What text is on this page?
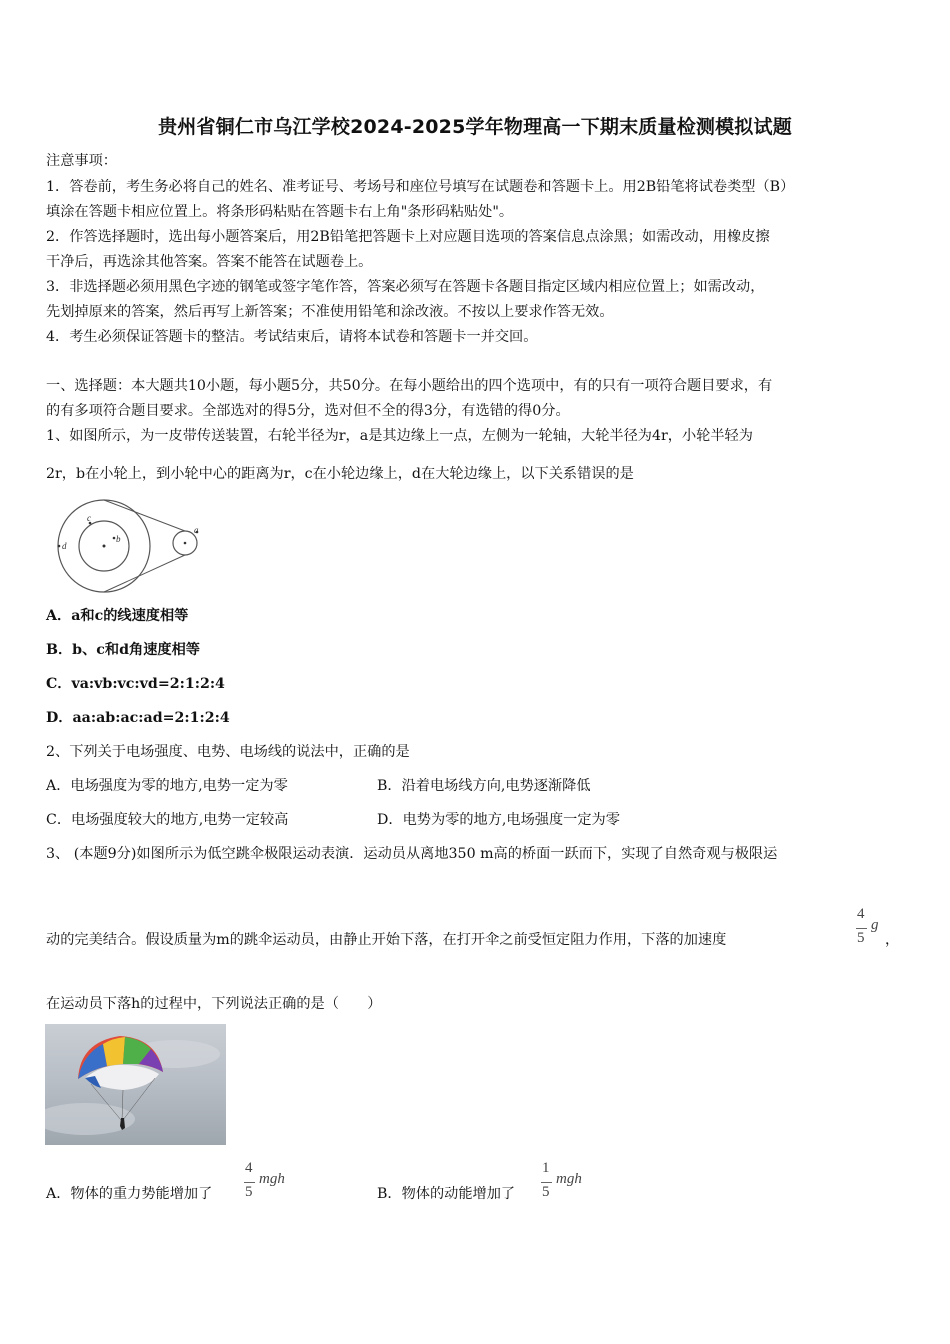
贵州省铜仁市乌江学校2024-2025学年物理高一下期末质量检测模拟试题
注意事项：
1．答卷前，考生务必将自己的姓名、准考证号、考场号和座位号填写在试题卷和答题卡上。用2B铅笔将试卷类型（B）
填涂在答题卡相应位置上。将条形码粘贴在答题卡右上角"条形码粘贴处"。
2．作答选择题时，选出每小题答案后，用2B铅笔把答题卡上对应题目选项的答案信息点涂黑；如需改动，用橡皮擦
干净后，再选涂其他答案。答案不能答在试题卷上。
3．非选择题必须用黑色字迹的钢笔或签字笔作答，答案必须写在答题卡各题目指定区域内相应位置上；如需改动，
先划掉原来的答案，然后再写上新答案；不准使用铅笔和涂改液。不按以上要求作答无效。
4．考生必须保证答题卡的整洁。考试结束后，请将本试卷和答题卡一并交回。
一、选择题：本大题共10小题，每小题5分，共50分。在每小题给出的四个选项中，有的只有一项符合题目要求，有
的有多项符合题目要求。全部选对的得5分，选对但不全的得3分，有选错的得0分。
1、如图所示，为一皮带传送装置，右轮半径为r，a是其边缘上一点，左侧为一轮轴，大轮半径为4r，小轮半轻为
2r，b在小轮上，到小轮中心的距离为r，c在小轮边缘上，d在大轮边缘上，以下关系错误的是
a
b
c
d
A．a和c的线速度相等
B．b、c和d角速度相等
C．va:vb:vc:vd=2:1:2:4
D．aa:ab:ac:ad=2:1:2:4
2、下列关于电场强度、电势、电场线的说法中，正确的是
A．电场强度为零的地方,电势一定为零	B．沿着电场线方向,电势逐渐降低
C．电场强度较大的地方,电势一定较高	D．电势为零的地方,电场强度一定为零
3、 (本题9分)如图所示为低空跳伞极限运动表演．运动员从离地350 m高的桥面一跃而下，实现了自然奇观与极限运
动的完美结合。假设质量为m的跳伞运动员，由静止开始下落，在打开伞之前受恒定阻力作用，下落的加速度
4
5
g
，
在运动员下落h的过程中，下列说法正确的是（　　）
A．物体的重力势能增加了
4
5
mgh
B．物体的动能增加了
1
5
mgh
